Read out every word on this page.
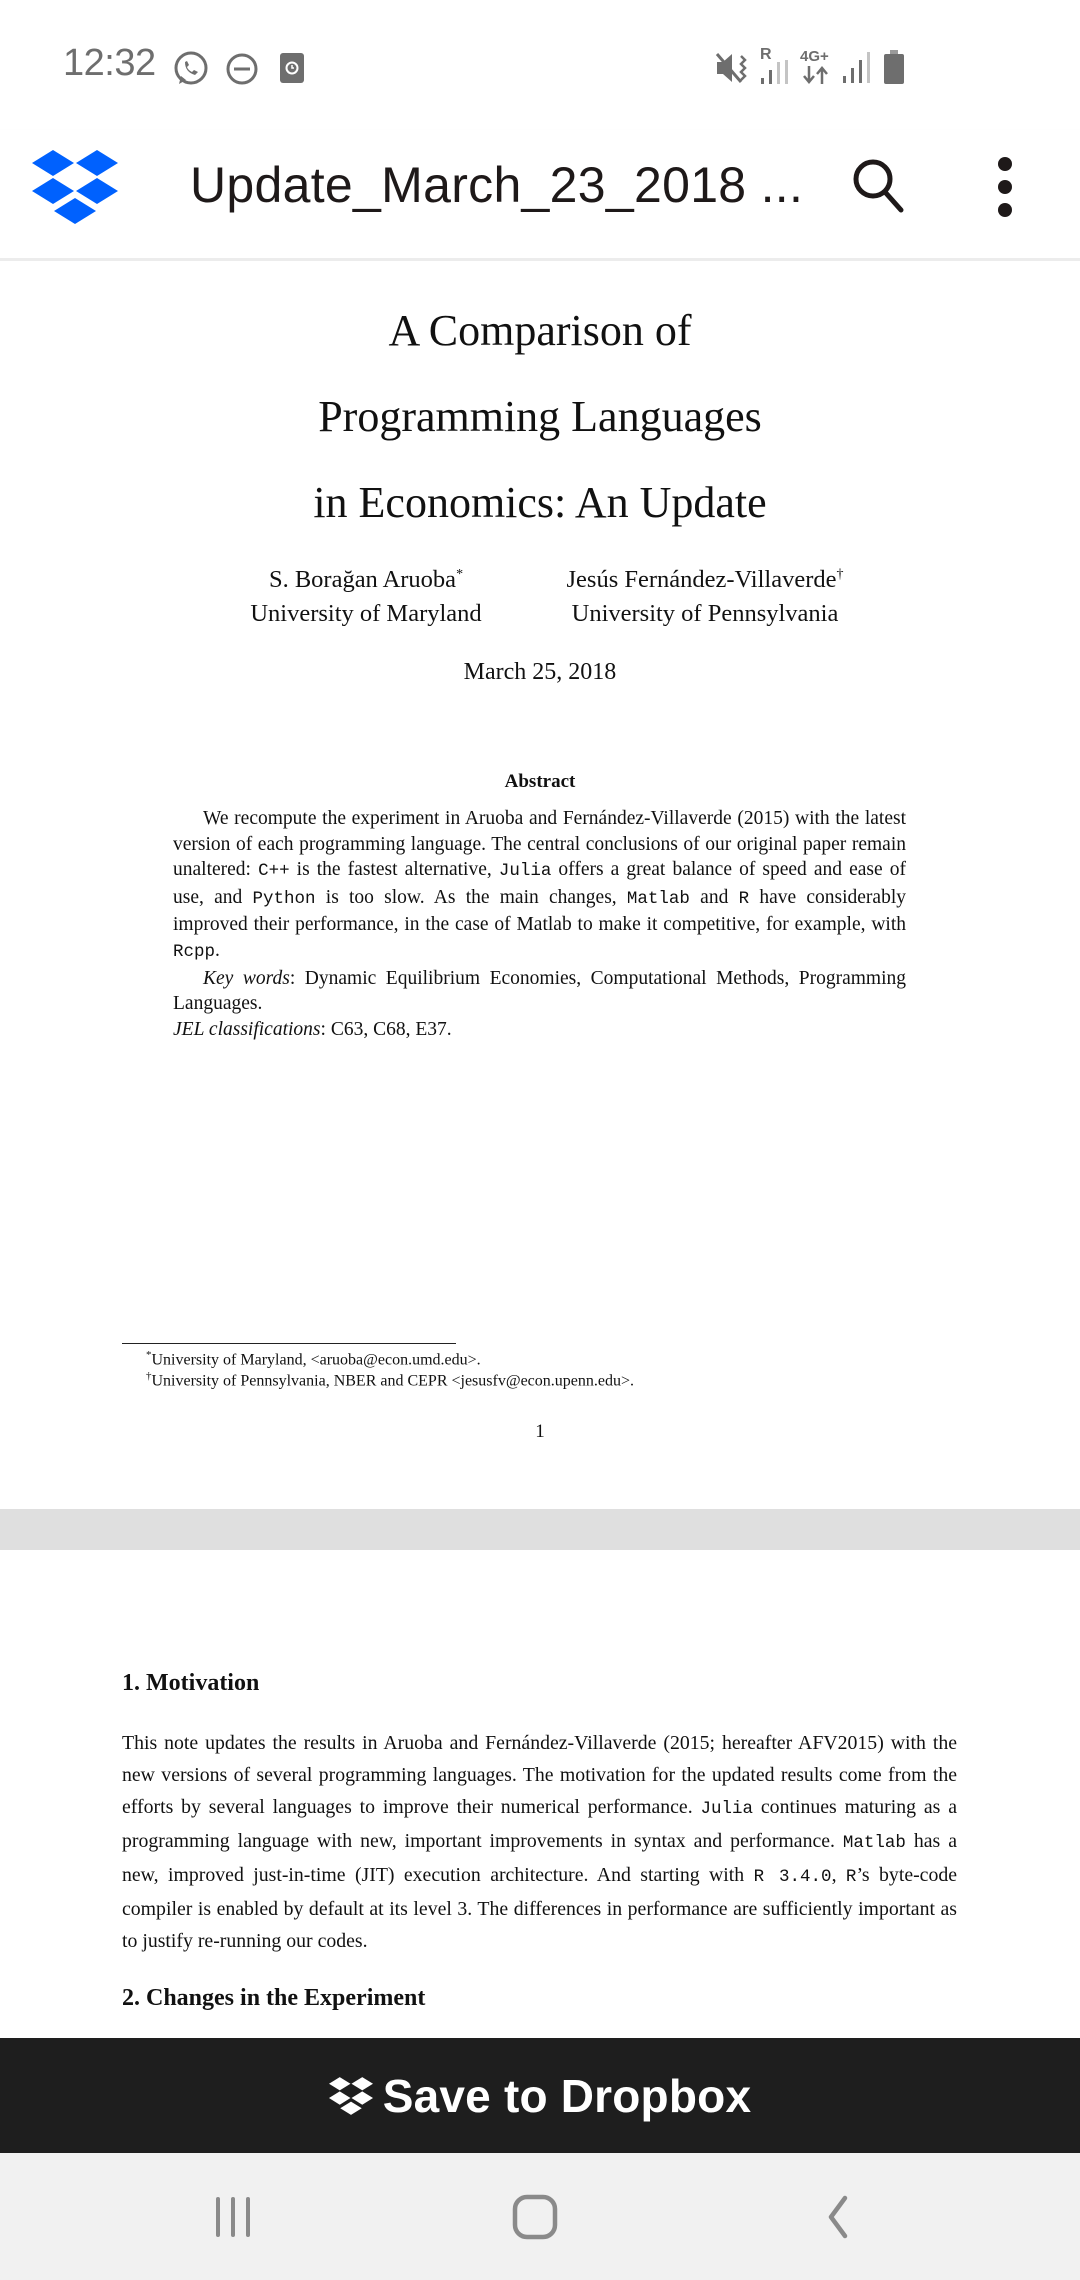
12:32	R 4G+
Update_March_23_2018 ...
A Comparison of
Programming Languages
in Economics: An Update
S. Borağan Aruoba*
University of Maryland
Jesús Fernández-Villaverde†
University of Pennsylvania
March 25, 2018
Abstract

We recompute the experiment in Aruoba and Fernández-Villaverde (2015) with the latest version of each programming language. The central conclusions of our original paper remain unaltered: C++ is the fastest alternative, Julia offers a great balance of speed and ease of use, and Python is too slow. As the main changes, Matlab and R have considerably improved their performance, in the case of Matlab to make it competitive, for example, with Rcpp.

Key words: Dynamic Equilibrium Economies, Computational Methods, Programming Languages.

JEL classifications: C63, C68, E37.

*University of Maryland, <aruoba@econ.umd.edu>.
†University of Pennsylvania, NBER and CEPR <jesusfv@econ.upenn.edu>.
1
1. Motivation

This note updates the results in Aruoba and Fernández-Villaverde (2015; hereafter AFV2015) with the new versions of several programming languages. The motivation for the updated results come from the efforts by several languages to improve their numerical performance. Julia continues maturing as a programming language with new, important improvements in syntax and performance. Matlab has a new, improved just-in-time (JIT) execution architecture. And starting with R 3.4.0, R’s byte-code compiler is enabled by default at its level 3. The differences in performance are sufficiently important as to justify re-running our codes.

2. Changes in the Experiment
Save to Dropbox
